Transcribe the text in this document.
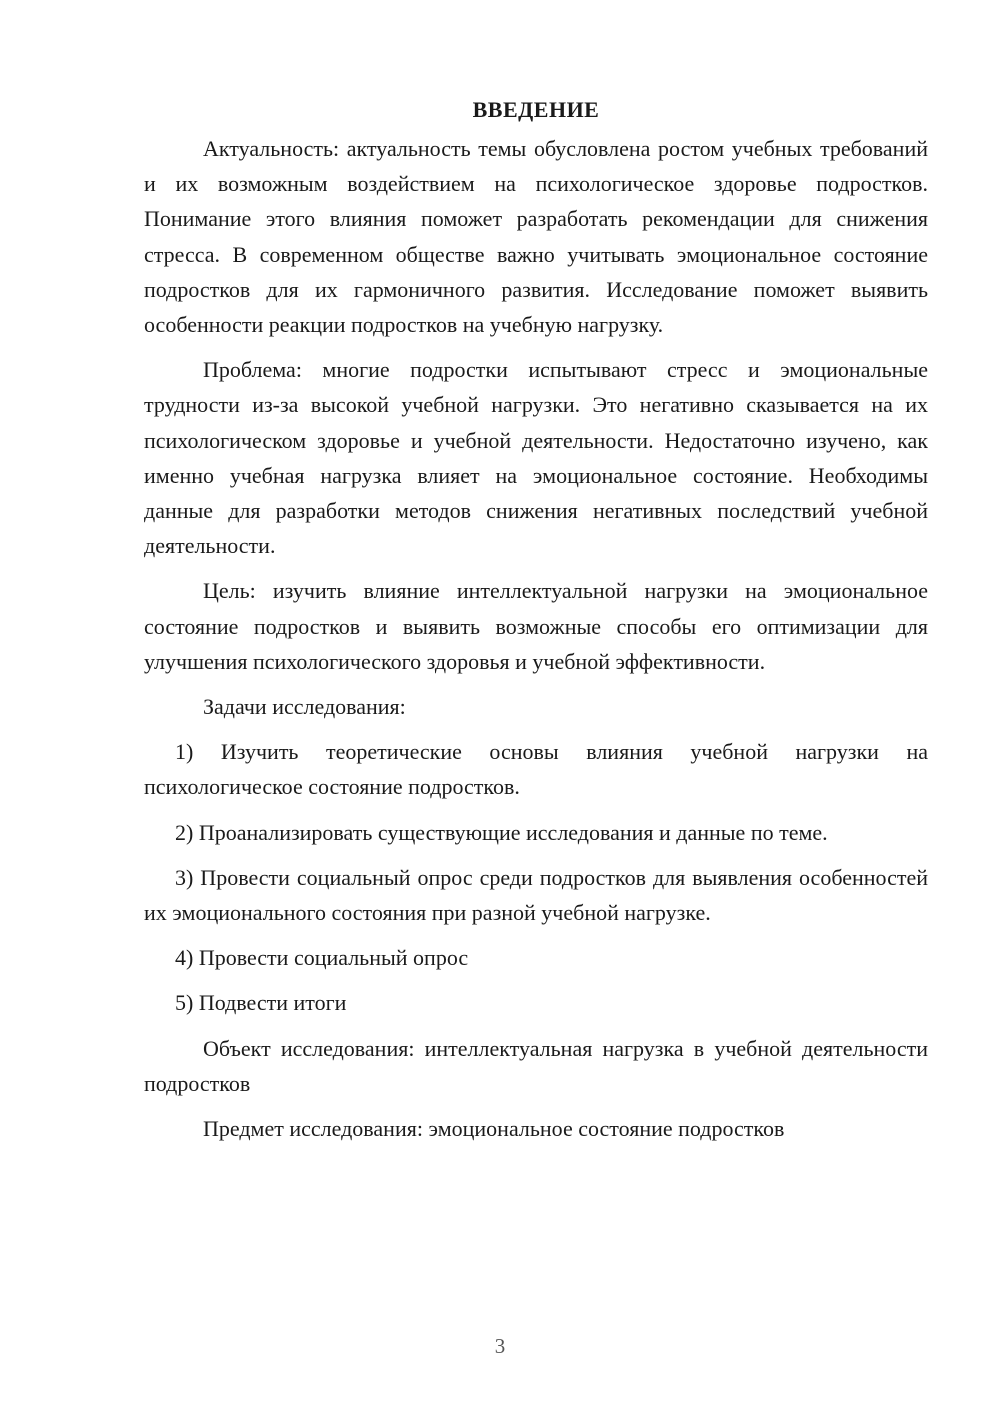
ВВЕДЕНИЕ

Актуальность: актуальность темы обусловлена ростом учебных требований и их возможным воздействием на психологическое здоровье подростков. Понимание этого влияния поможет разработать рекомендации для снижения стресса. В современном обществе важно учитывать эмоциональное состояние подростков для их гармоничного развития. Исследование поможет выявить особенности реакции подростков на учебную нагрузку.

Проблема: многие подростки испытывают стресс и эмоциональные трудности из-за высокой учебной нагрузки. Это негативно сказывается на их психологическом здоровье и учебной деятельности. Недостаточно изучено, как именно учебная нагрузка влияет на эмоциональное состояние. Необходимы данные для разработки методов снижения негативных последствий учебной деятельности.

Цель: изучить влияние интеллектуальной нагрузки на эмоциональное состояние подростков и выявить возможные способы его оптимизации для улучшения психологического здоровья и учебной эффективности.

Задачи исследования:

1) Изучить теоретические основы влияния учебной нагрузки на психологическое состояние подростков.

2) Проанализировать существующие исследования и данные по теме.

3) Провести социальный опрос среди подростков для выявления особенностей их эмоционального состояния при разной учебной нагрузке.

4) Провести социальный опрос

5) Подвести итоги

Объект исследования: интеллектуальная нагрузка в учебной деятельности подростков

Предмет исследования: эмоциональное состояние подростков

3
